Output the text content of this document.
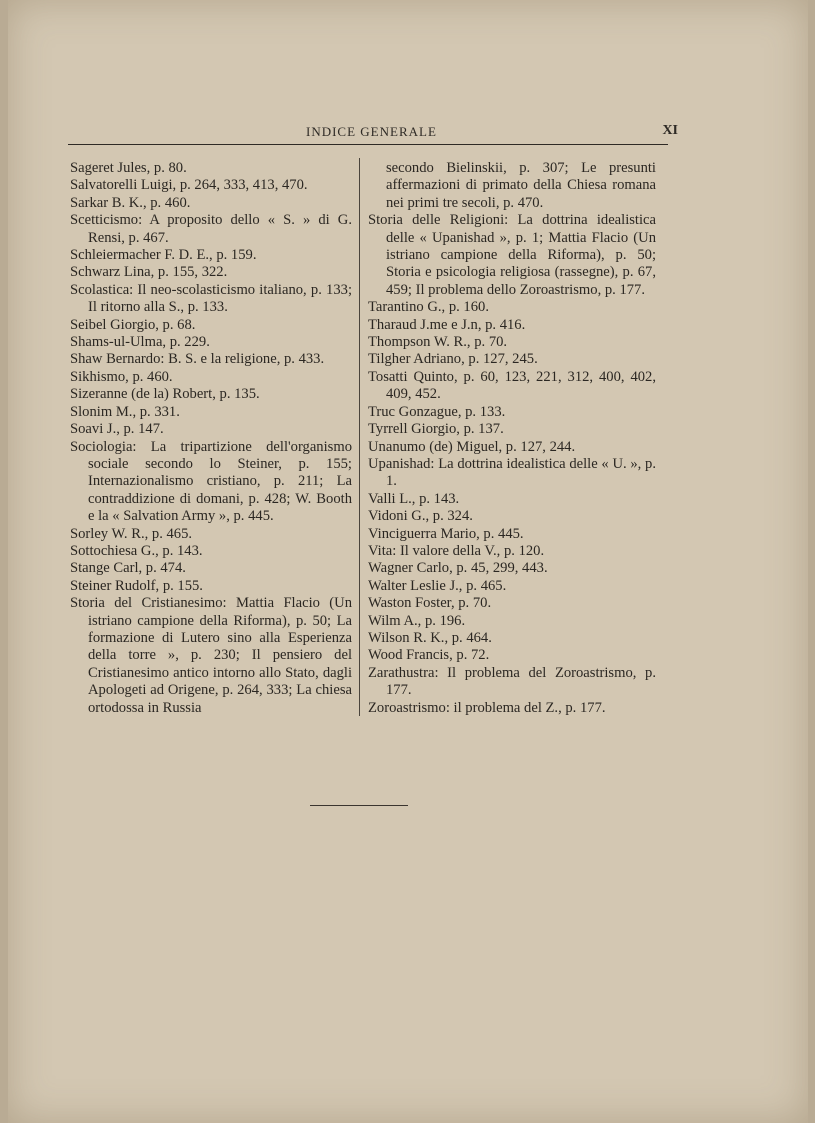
INDICE GENERALE	XI
Sageret Jules, p. 80.
Salvatorelli Luigi, p. 264, 333, 413, 470.
Sarkar B. K., p. 460.
Scetticismo: A proposito dello « S. » di G. Rensi, p. 467.
Schleiermacher F. D. E., p. 159.
Schwarz Lina, p. 155, 322.
Scolastica: Il neo-scolasticismo italiano, p. 133; Il ritorno alla S., p. 133.
Seibel Giorgio, p. 68.
Shams-ul-Ulma, p. 229.
Shaw Bernardo: B. S. e la religione, p. 433.
Sikhismo, p. 460.
Sizeranne (de la) Robert, p. 135.
Slonim M., p. 331.
Soavi J., p. 147.
Sociologia: La tripartizione dell'organismo sociale secondo lo Steiner, p. 155; Internazionalismo cristiano, p. 211; La contraddizione di domani, p. 428; W. Booth e la « Salvation Army », p. 445.
Sorley W. R., p. 465.
Sottochiesa G., p. 143.
Stange Carl, p. 474.
Steiner Rudolf, p. 155.
Storia del Cristianesimo: Mattia Flacio (Un istriano campione della Riforma), p. 50; La formazione di Lutero sino alla Esperienza della torre », p. 230; Il pensiero del Cristianesimo antico intorno allo Stato, dagli Apologeti ad Origene, p. 264, 333; La chiesa ortodossa in Russia
secondo Bielinskii, p. 307; Le presunti affermazioni di primato della Chiesa romana nei primi tre secoli, p. 470.
Storia delle Religioni: La dottrina idealistica delle « Upanishad », p. 1; Mattia Flacio (Un istriano campione della Riforma), p. 50; Storia e psicologia religiosa (rassegne), p. 67, 459; Il problema dello Zoroastrismo, p. 177.
Tarantino G., p. 160.
Tharaud J.me e J.n, p. 416.
Thompson W. R., p. 70.
Tilgher Adriano, p. 127, 245.
Tosatti Quinto, p. 60, 123, 221, 312, 400, 402, 409, 452.
Truc Gonzague, p. 133.
Tyrrell Giorgio, p. 137.
Unanumo (de) Miguel, p. 127, 244.
Upanishad: La dottrina idealistica delle « U. », p. 1.
Valli L., p. 143.
Vidoni G., p. 324.
Vinciguerra Mario, p. 445.
Vita: Il valore della V., p. 120.
Wagner Carlo, p. 45, 299, 443.
Walter Leslie J., p. 465.
Waston Foster, p. 70.
Wilm A., p. 196.
Wilson R. K., p. 464.
Wood Francis, p. 72.
Zarathustra: Il problema del Zoroastrismo, p. 177.
Zoroastrismo: il problema del Z., p. 177.
